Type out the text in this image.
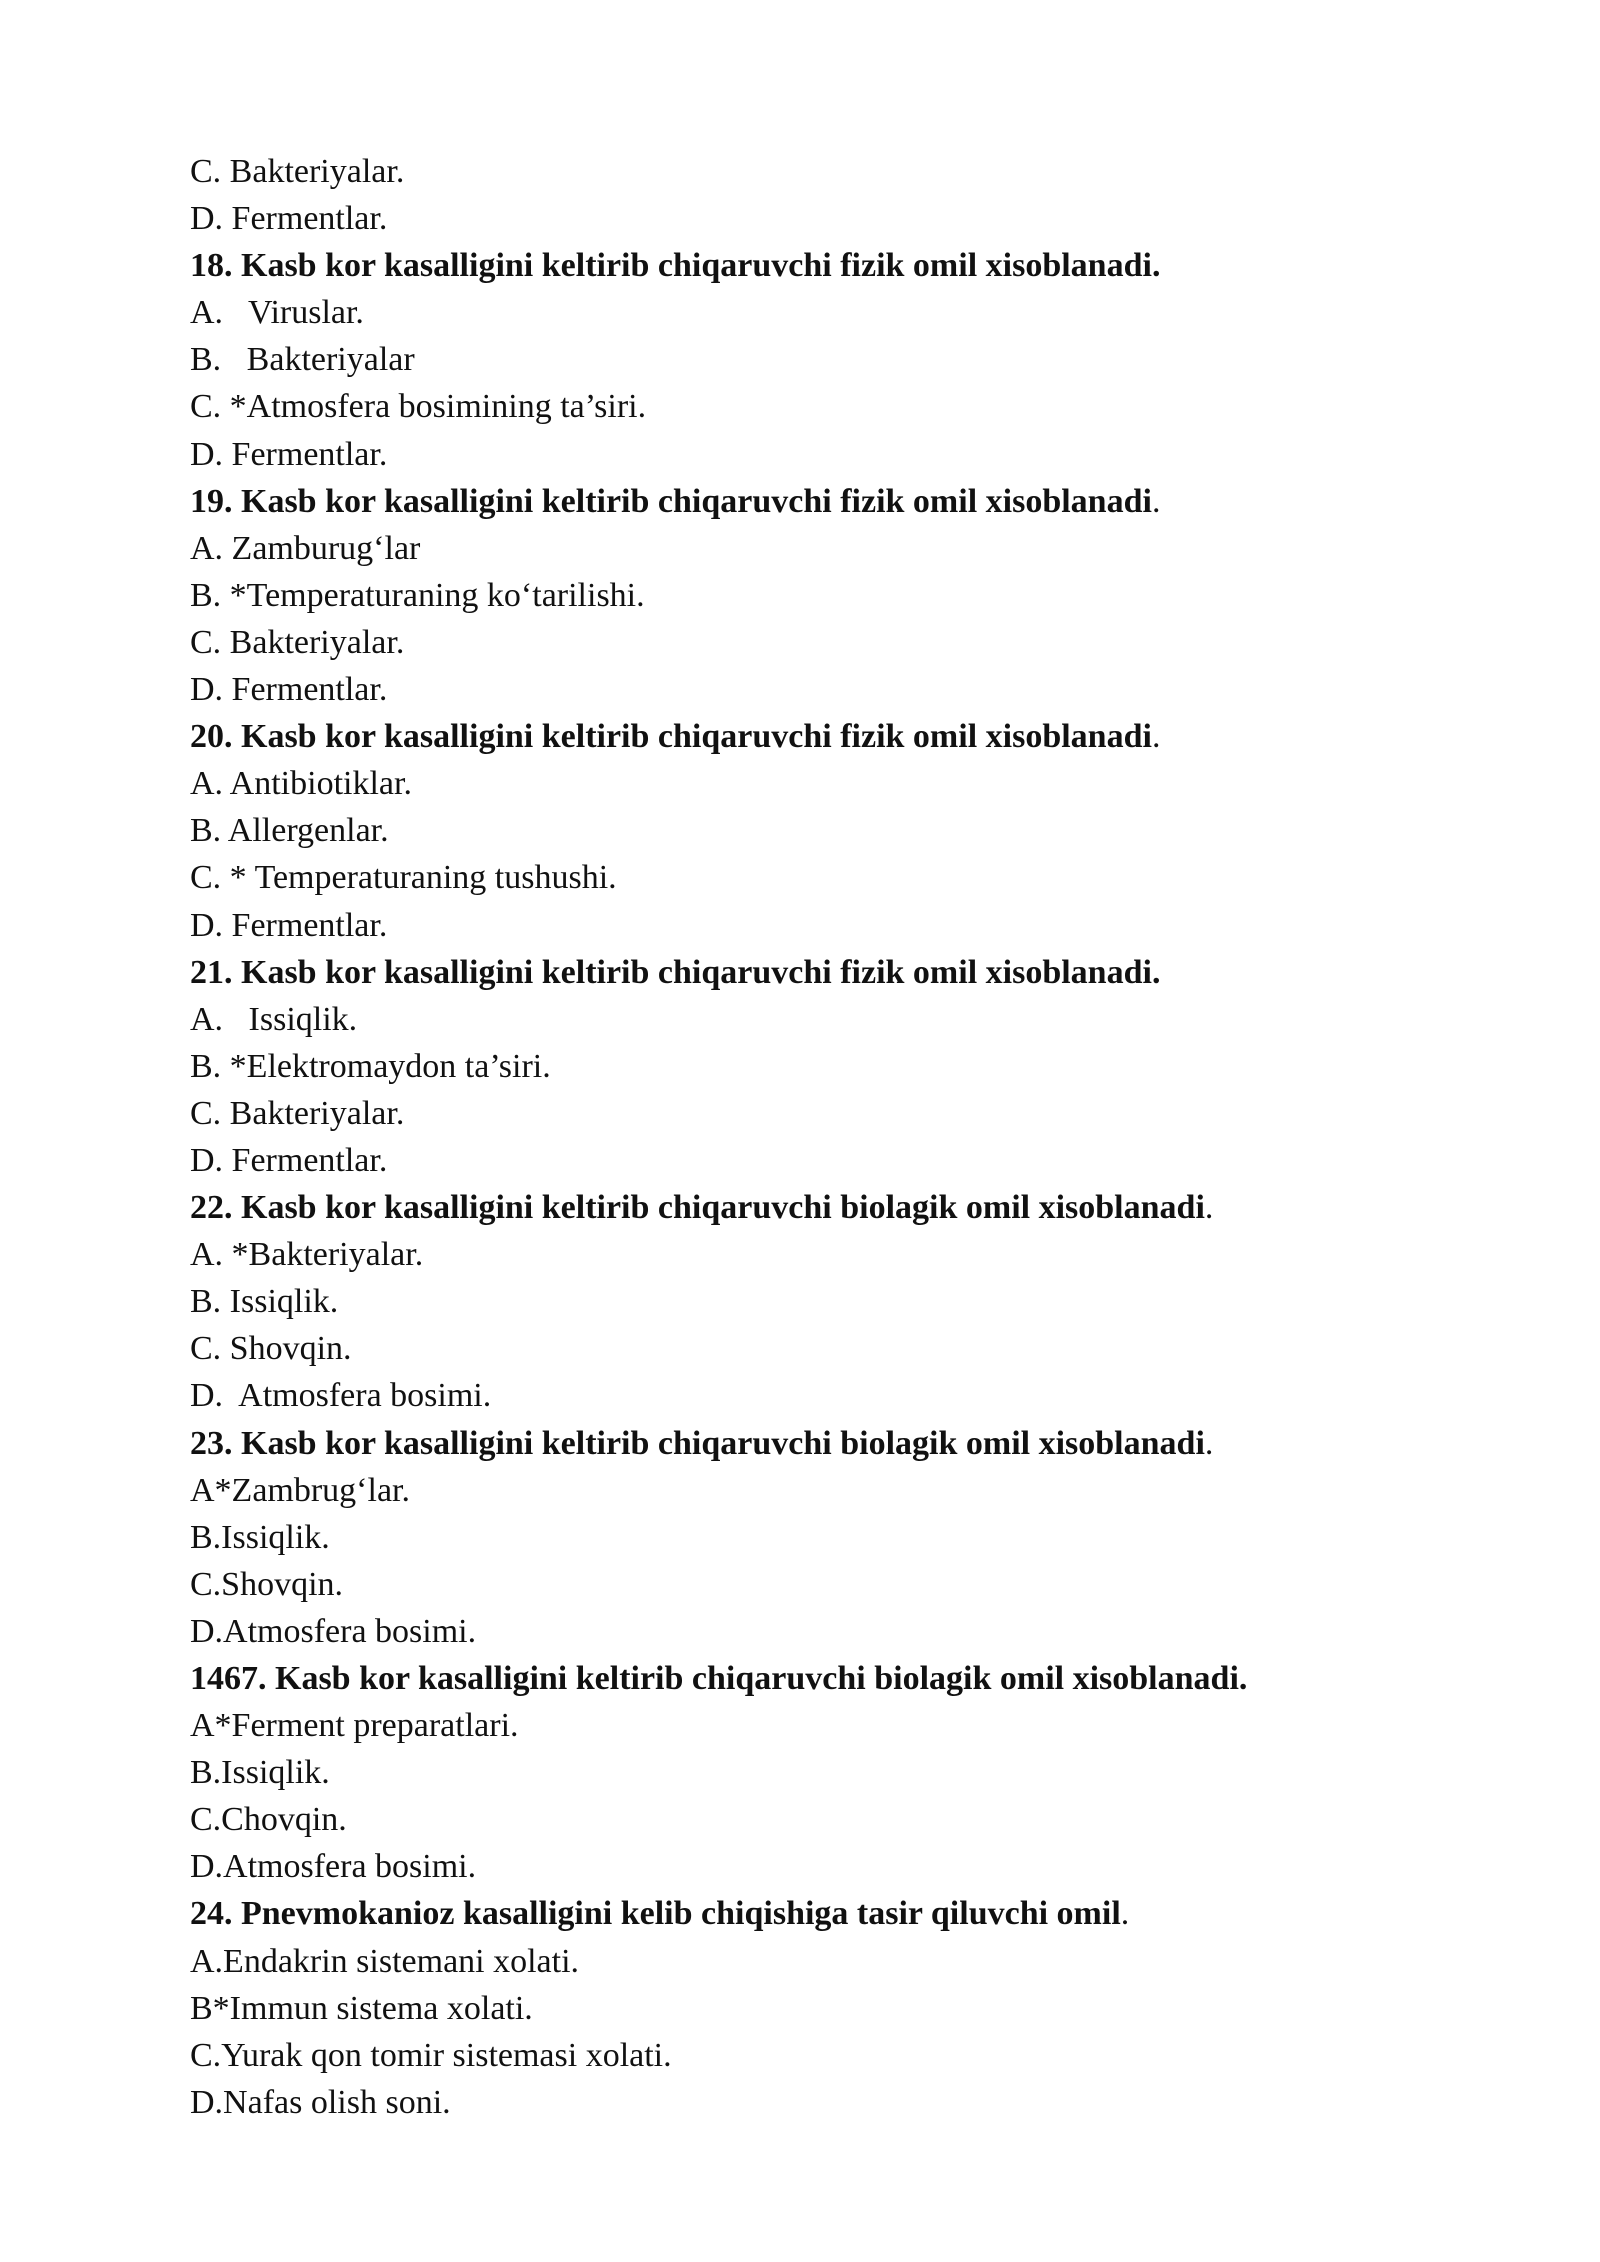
C. Bakteriyalar.
D. Fermentlar.
18. Kasb kor kasalligini keltirib chiqaruvchi fizik omil xisoblanadi.
A.   Viruslar.
B.   Bakteriyalar
C. *Atmosfera bosimining ta’siri.
D. Fermentlar.
19. Kasb kor kasalligini keltirib chiqaruvchi fizik omil xisoblanadi.
A. Zamburug‘lar
B. *Temperaturaning ko‘tarilishi.
C. Bakteriyalar.
D. Fermentlar.
20. Kasb kor kasalligini keltirib chiqaruvchi fizik omil xisoblanadi.
A. Antibiotiklar.
B. Allergenlar.
C. * Temperaturaning tushushi.
D. Fermentlar.
21. Kasb kor kasalligini keltirib chiqaruvchi fizik omil xisoblanadi.
A.   Issiqlik.
B. *Elektromaydon ta’siri.
C. Bakteriyalar.
D. Fermentlar.
22. Kasb kor kasalligini keltirib chiqaruvchi biolagik omil xisoblanadi.
A. *Bakteriyalar.
B. Issiqlik.
C. Shovqin.
D.  Atmosfera bosimi.
23. Kasb kor kasalligini keltirib chiqaruvchi biolagik omil xisoblanadi.
A*Zambrug‘lar.
B.Issiqlik.
C.Shovqin.
D.Atmosfera bosimi.
1467. Kasb kor kasalligini keltirib chiqaruvchi biolagik omil xisoblanadi.
A*Ferment preparatlari.
B.Issiqlik.
C.Chovqin.
D.Atmosfera bosimi.
24. Pnevmokanioz kasalligini kelib chiqishiga tasir qiluvchi omil.
A.Endakrin sistemani xolati.
B*Immun sistema xolati.
C.Yurak qon tomir sistemasi xolati.
D.Nafas olish soni.
